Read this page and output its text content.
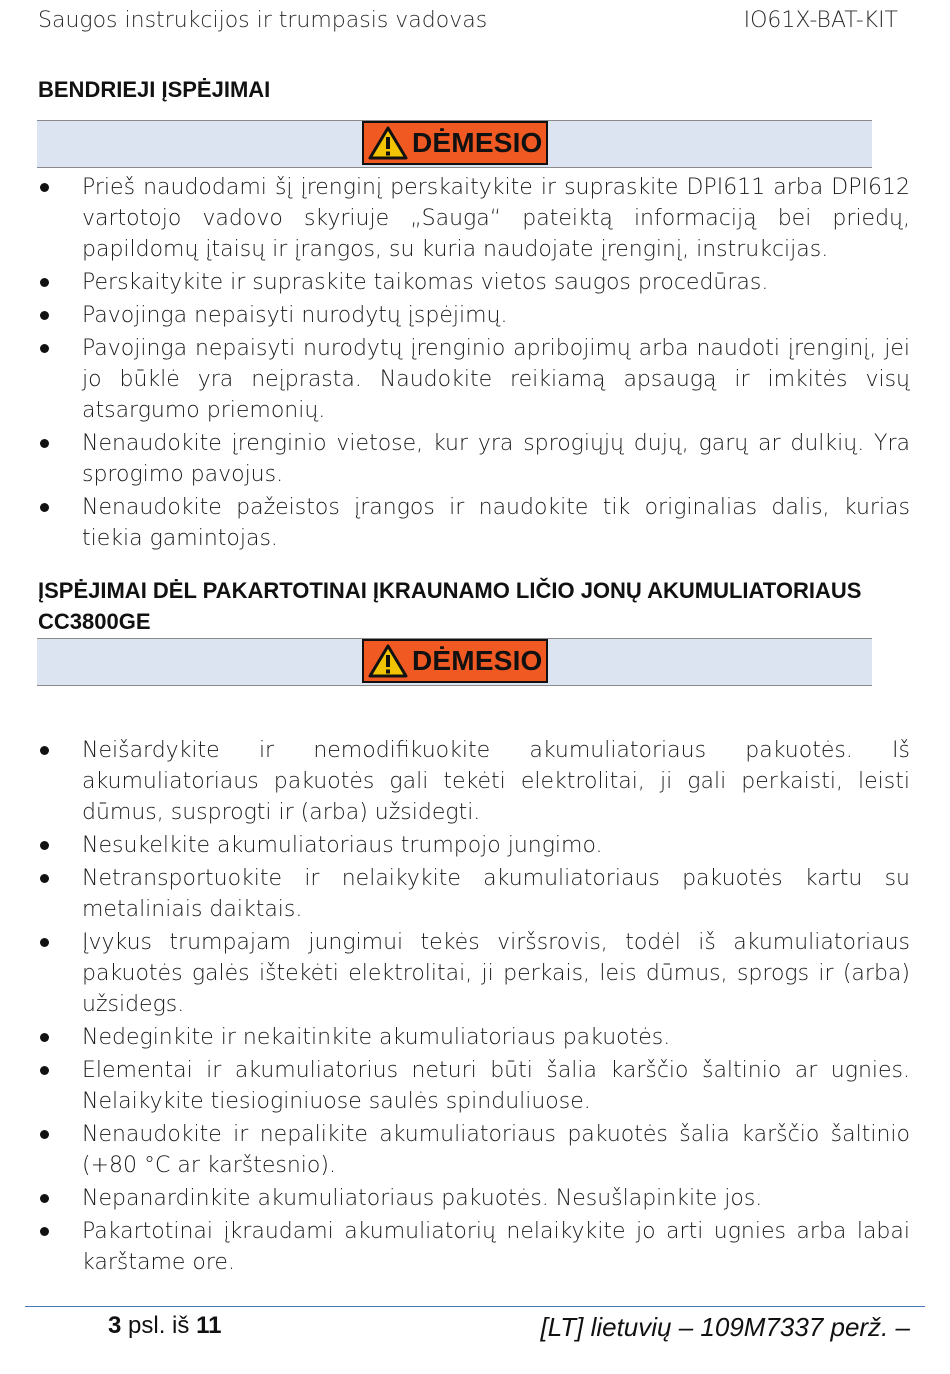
Saugos instrukcijos ir trumpasis vadovas	IO61X-BAT-KIT
BENDRIEJI ĮSPĖJIMAI
DĖMESIO
Prieš naudodami šį įrenginį perskaitykite ir supraskite DPI611 arba DPI612 vartotojo vadovo skyriuje „Sauga“ pateiktą informaciją bei priedų, papildomų įtaisų ir įrangos, su kuria naudojate įrenginį, instrukcijas.
Perskaitykite ir supraskite taikomas vietos saugos procedūras.
Pavojinga nepaisyti nurodytų įspėjimų.
Pavojinga nepaisyti nurodytų įrenginio apribojimų arba naudoti įrenginį, jei jo būklė yra neįprasta. Naudokite reikiamą apsaugą ir imkitės visų atsargumo priemonių.
Nenaudokite įrenginio vietose, kur yra sprogiųjų dujų, garų ar dulkių. Yra sprogimo pavojus.
Nenaudokite pažeistos įrangos ir naudokite tik originalias dalis, kurias tiekia gamintojas.
ĮSPĖJIMAI DĖL PAKARTOTINAI ĮKRAUNAMO LIČIO JONŲ AKUMULIATORIAUS CC3800GE
DĖMESIO
Neišardykite ir nemodifikuokite akumuliatoriaus pakuotės. Iš akumuliatoriaus pakuotės gali tekėti elektrolitai, ji gali perkaisti, leisti dūmus, susprogti ir (arba) užsidegti.
Nesukelkite akumuliatoriaus trumpojo jungimo.
Netransportuokite ir nelaikykite akumuliatoriaus pakuotės kartu su metaliniais daiktais.
Įvykus trumpajam jungimui tekės viršsrovis, todėl iš akumuliatoriaus pakuotės galės ištekėti elektrolitai, ji perkais, leis dūmus, sprogs ir (arba) užsidegs.
Nedeginkite ir nekaitinkite akumuliatoriaus pakuotės.
Elementai ir akumuliatorius neturi būti šalia karščio šaltinio ar ugnies. Nelaikykite tiesioginiuose saulės spinduliuose.
Nenaudokite ir nepalikite akumuliatoriaus pakuotės šalia karščio šaltinio (+80 °C ar karštesnio).
Nepanardinkite akumuliatoriaus pakuotės. Nesušlapinkite jos.
Pakartotinai įkraudami akumuliatorių nelaikykite jo arti ugnies arba labai karštame ore.
3 psl. iš 11	[LT] lietuvių – 109M7337 perž. –
